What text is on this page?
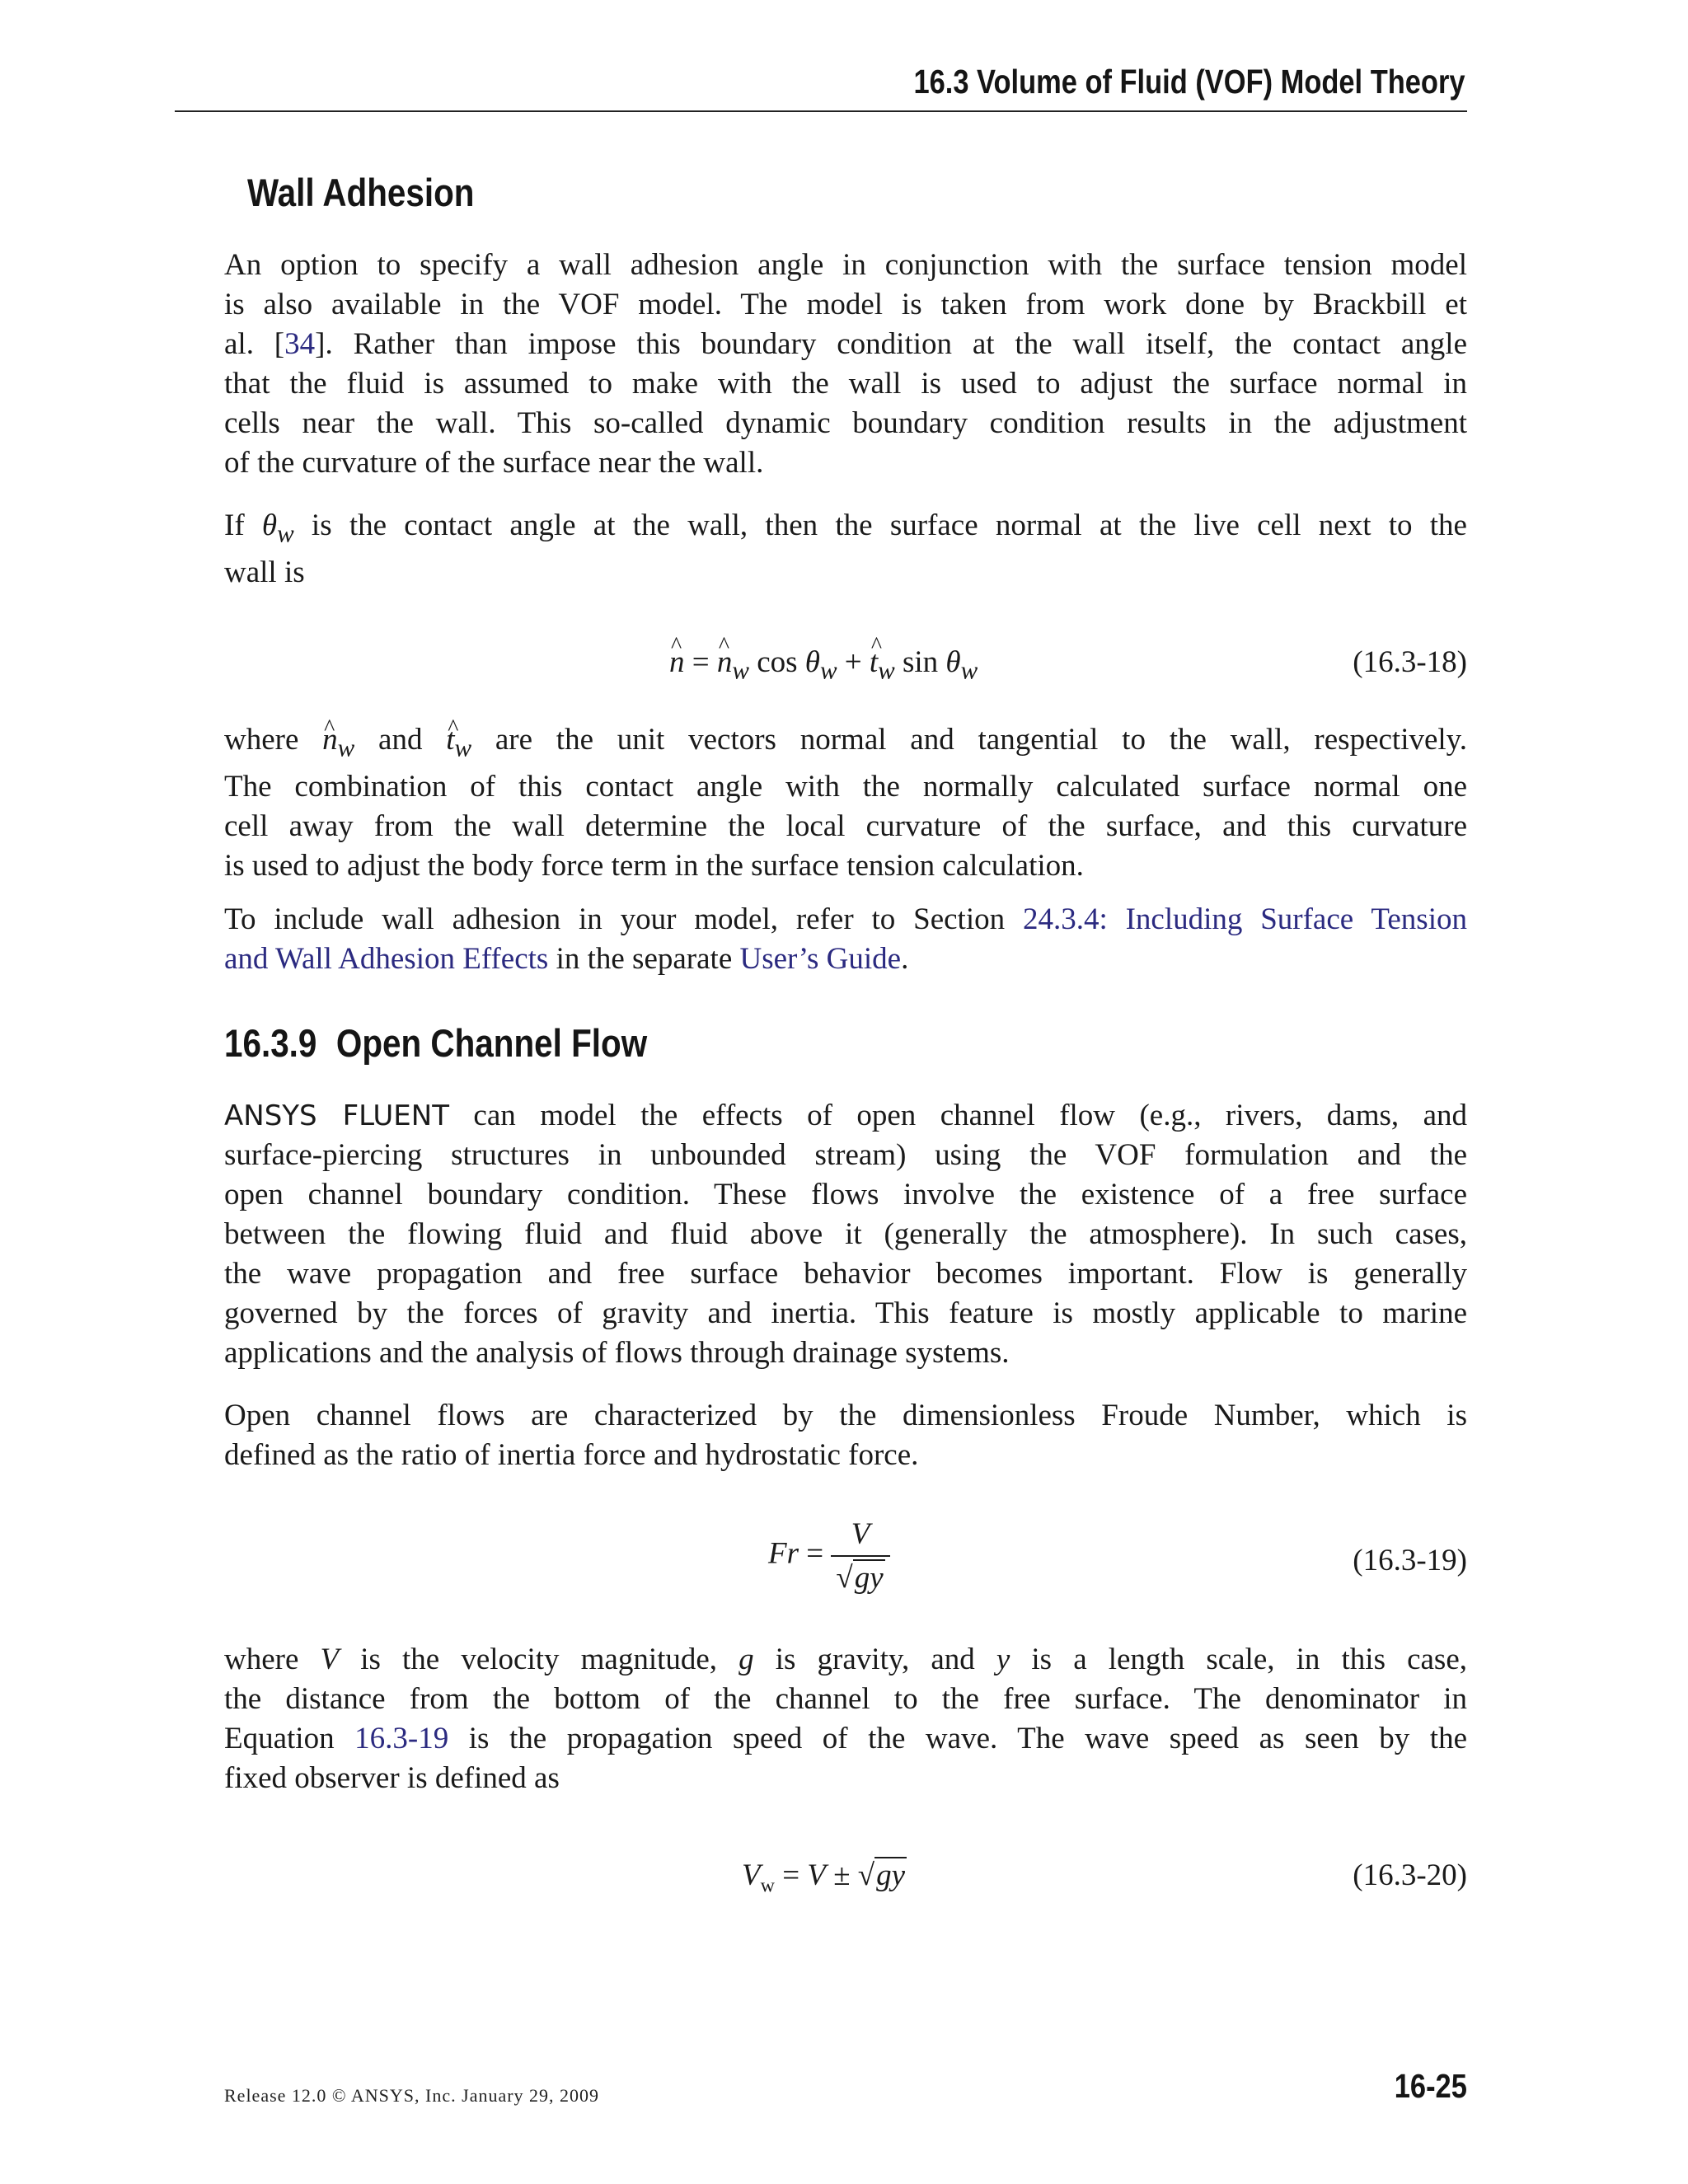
16.3 Volume of Fluid (VOF) Model Theory
Wall Adhesion
An option to specify a wall adhesion angle in conjunction with the surface tension model
is also available in the VOF model. The model is taken from work done by Brackbill et
al. [34]. Rather than impose this boundary condition at the wall itself, the contact angle
that the fluid is assumed to make with the wall is used to adjust the surface normal in
cells near the wall. This so-called dynamic boundary condition results in the adjustment
of the curvature of the surface near the wall.
If $\theta_w$ is the contact angle at the wall, then the surface normal at the live cell next to the
wall is
^ n = ^ $n_w$ $\cos \theta_w$ + ^ $t_w$ $\sin \theta_w$	(16.3-18)
where ^ $n_w$ and ^ $t_w$ are the unit vectors normal and tangential to the wall, respectively.
The combination of this contact angle with the normally calculated surface normal one
cell away from the wall determine the local curvature of the surface, and this curvature
is used to adjust the body force term in the surface tension calculation.
To include wall adhesion in your model, refer to Section 24.3.4: Including Surface Tension
and Wall Adhesion Effects in the separate User’s Guide.
16.3.9 Open Channel Flow
ANSYS FLUENT can model the effects of open channel flow (e.g., rivers, dams, and
surface-piercing structures in unbounded stream) using the VOF formulation and the
open channel boundary condition. These flows involve the existence of a free surface
between the flowing fluid and fluid above it (generally the atmosphere). In such cases,
the wave propagation and free surface behavior becomes important. Flow is generally
governed by the forces of gravity and inertia. This feature is mostly applicable to marine
applications and the analysis of flows through drainage systems.
Open channel flows are characterized by the dimensionless Froude Number, which is
defined as the ratio of inertia force and hydrostatic force.
$Fr = \frac{V}{√gy}$	(16.3-19)
where V is the velocity magnitude, g is gravity, and y is a length scale, in this case,
the distance from the bottom of the channel to the free surface. The denominator in
Equation 16.3-19 is the propagation speed of the wave. The wave speed as seen by the
fixed observer is defined as
$V_w = V \pm √gy$	(16.3-20)
Release 12.0 © ANSYS, Inc. January 29, 2009	16-25
